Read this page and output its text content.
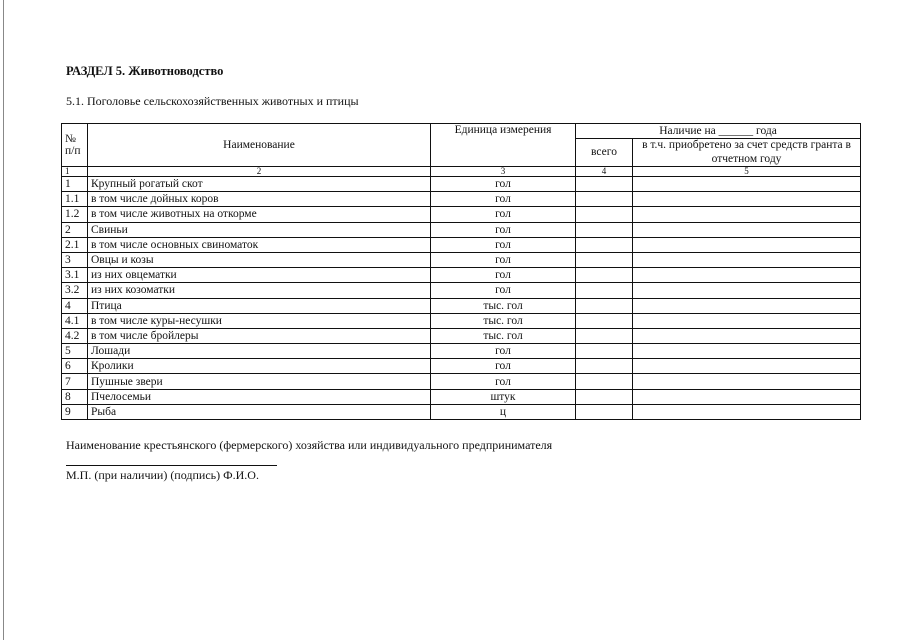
РАЗДЕЛ 5. Животноводство
5.1. Поголовье сельскохозяйственных животных и птицы
№ п/п	Наименование	Единица измерения	Наличие на ______ года	
			всего	в т.ч. приобретено за счет средств гранта в отчетном году
1	2	3	4	5
1	Крупный рогатый скот	гол		
1.1	в том числе дойных коров	гол		
1.2	в том числе животных на откорме	гол		
2	Свиньи	гол		
2.1	в том числе основных свиноматок	гол		
3	Овцы и козы	гол		
3.1	из них овцематки	гол		
3.2	из них козоматки	гол		
4	Птица	тыс. гол		
4.1	в том числе куры-несушки	тыс. гол		
4.2	в том числе бройлеры	тыс. гол		
5	Лошади	гол		
6	Кролики	гол		
7	Пушные звери	гол		
8	Пчелосемьи	штук		
9	Рыба	ц		
Наименование крестьянского (фермерского) хозяйства или индивидуального предпринимателя
М.П. (при наличии) (подпись) Ф.И.О.
